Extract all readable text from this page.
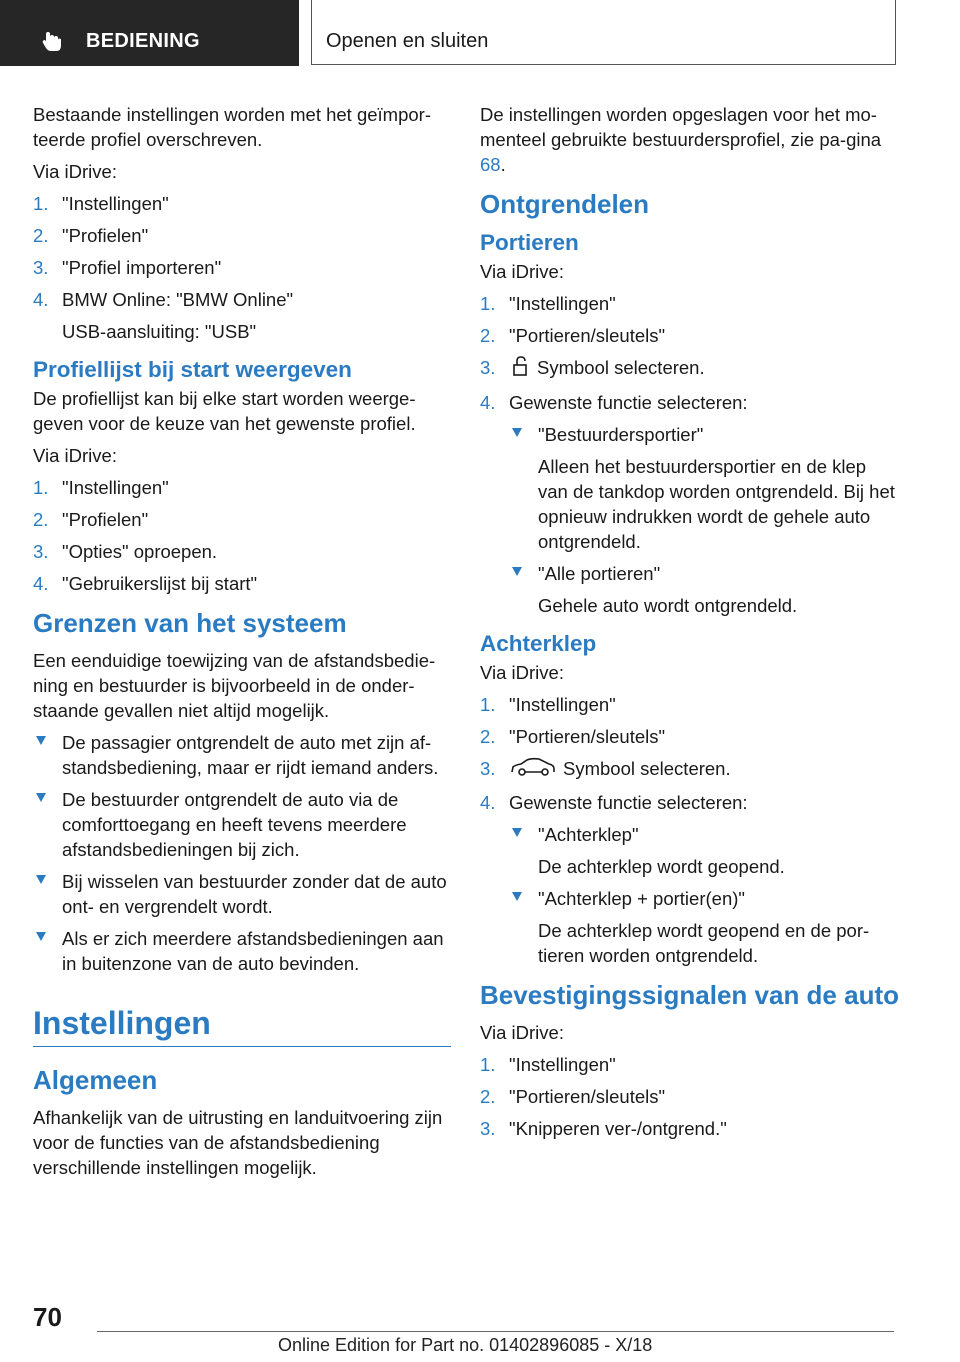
BEDIENING	Openen en sluiten

Bestaande instellingen worden met het geïmpor-teerde profiel overschreven.

Via iDrive:

1. "Instellingen"
2. "Profielen"
3. "Profiel importeren"
4. BMW Online: "BMW Online"
USB-aansluiting: "USB"
Profiellijst bij start weergeven

De profiellijst kan bij elke start worden weerge-geven voor de keuze van het gewenste profiel.

Via iDrive:

1. "Instellingen"
2. "Profielen"
3. "Opties" oproepen.
4. "Gebruikerslijst bij start"
Grenzen van het systeem

Een eenduidige toewijzing van de afstandsbedie-ning en bestuurder is bijvoorbeeld in de onder-staande gevallen niet altijd mogelijk.

De passagier ontgrendelt de auto met zijn af-standsbediening, maar er rijdt iemand anders.
De bestuurder ontgrendelt de auto via de comforttoegang en heeft tevens meerdere afstandsbedieningen bij zich.
Bij wisselen van bestuurder zonder dat de auto ont- en vergrendelt wordt.
Als er zich meerdere afstandsbedieningen aan in buitenzone van de auto bevinden.
Instellingen
Algemeen

Afhankelijk van de uitrusting en landuitvoering zijn voor de functies van de afstandsbediening verschillende instellingen mogelijk.

De instellingen worden opgeslagen voor het mo-menteel gebruikte bestuurdersprofiel, zie pa-gina 68.

Ontgrendelen
Portieren

Via iDrive:

1. "Instellingen"
2. "Portieren/sleutels"
3. Symbool selecteren.
4. Gewenste functie selecteren:
"Bestuurdersportier"
Alleen het bestuurdersportier en de klep van de tankdop worden ontgrendeld. Bij het opnieuw indrukken wordt de gehele auto ontgrendeld.
"Alle portieren"
Gehele auto wordt ontgrendeld.
Achterklep

Via iDrive:

1. "Instellingen"
2. "Portieren/sleutels"
3.	Symbool selecteren.
4. Gewenste functie selecteren:
"Achterklep"
De achterklep wordt geopend.
"Achterklep + portier(en)"
De achterklep wordt geopend en de por-tieren worden ontgrendeld.
Bevestigingssignalen van de auto

Via iDrive:

1. "Instellingen"
2. "Portieren/sleutels"
3. "Knipperen ver-/ontgrend."
70
Online Edition for Part no. 01402896085 - X/18
